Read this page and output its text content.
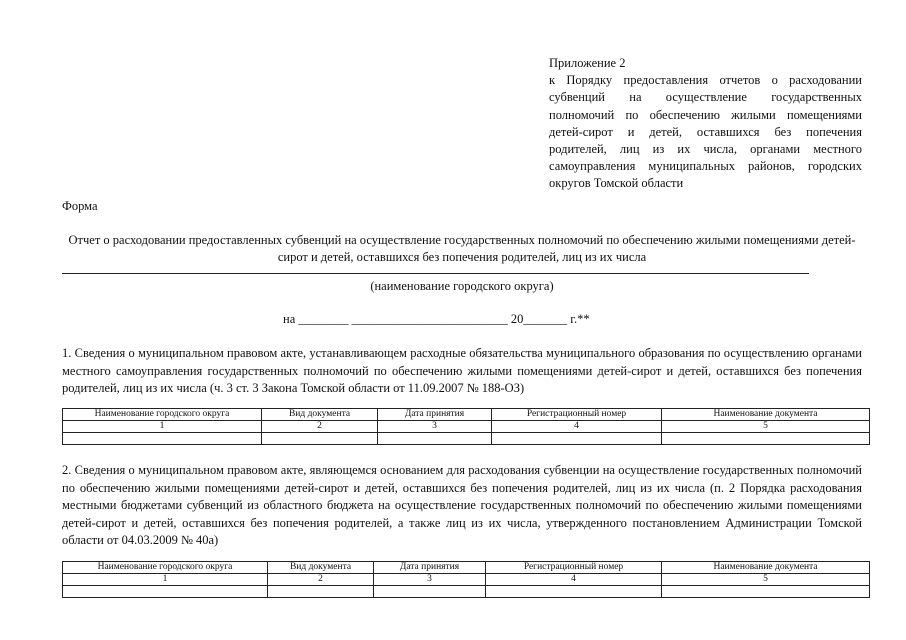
Приложение 2
к Порядку предоставления отчетов о расходовании субвенций на осуществление государственных полномочий по обеспечению жилыми помещениями детей-сирот и детей, оставшихся без попечения родителей, лиц из их числа, органами местного самоуправления муниципальных районов, городских округов Томской области
Форма
Отчет о расходовании предоставленных субвенций на осуществление государственных полномочий по обеспечению жилыми помещениями детей-сирот и детей, оставшихся без попечения родителей, лиц из их числа
(наименование городского округа)
на ________ _________________________ 20_______ г.**
1. Сведения о муниципальном правовом акте, устанавливающем расходные обязательства муниципального образования по осуществлению органами местного самоуправления государственных полномочий по обеспечению жилыми помещениями детей-сирот и детей, оставшихся без попечения родителей, лиц из их числа (ч. 3 ст. 3 Закона Томской области от 11.09.2007 № 188-ОЗ)
Наименование городского округа	Вид документа	Дата принятия	Регистрационный номер	Наименование документа
1	2	3	4	5

2. Сведения о муниципальном правовом акте, являющемся основанием для расходования субвенции на осуществление государственных полномочий по обеспечению жилыми помещениями детей-сирот и детей, оставшихся без попечения родителей, лиц из их числа (п. 2 Порядка расходования местными бюджетами субвенций из областного бюджета на осуществление государственных полномочий по обеспечению жилыми помещениями детей-сирот и детей, оставшихся без попечения родителей, а также лиц из их числа, утвержденного постановлением Администрации Томской области от 04.03.2009 № 40а)
Наименование городского округа	Вид документа	Дата принятия	Регистрационный номер	Наименование документа
1	2	3	4	5
